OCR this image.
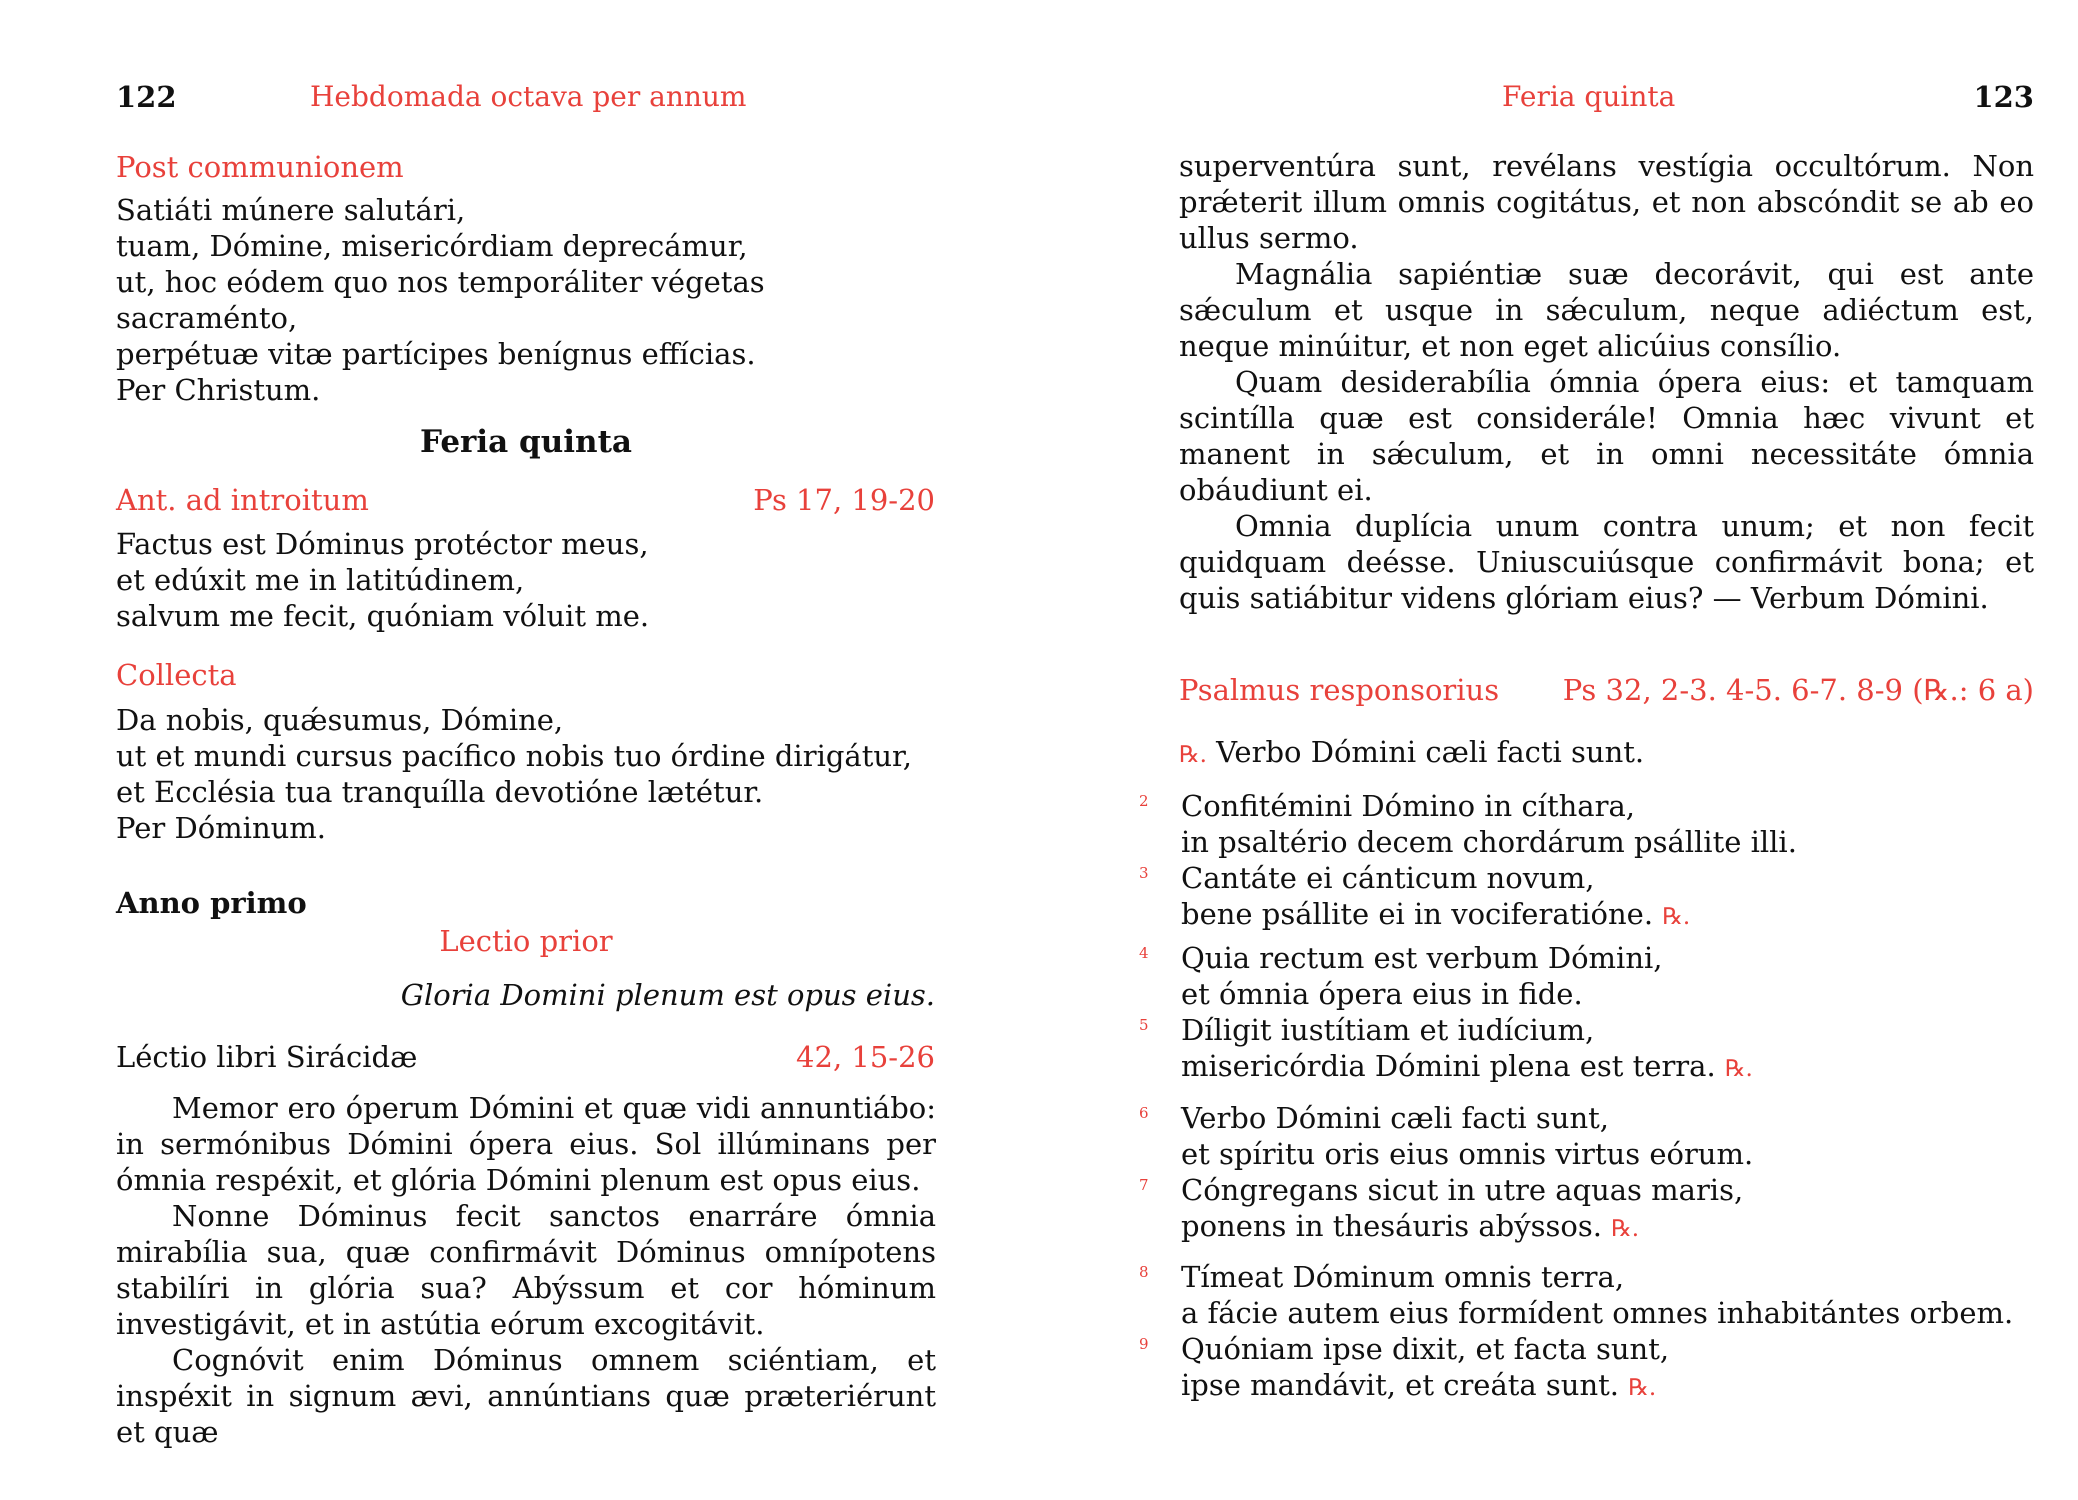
122	Hebdomada octava per annum
Post communionem

Satiáti múnere salutári,

tuam, Dómine, misericórdiam deprecámur,

ut, hoc eódem quo nos temporáliter végetas sacraménto,

perpétuæ vitæ partícipes benígnus effícias.

Per Christum.

Feria quinta
Ant. ad introitum	Ps 17, 19-20

Factus est Dóminus protéctor meus,

et edúxit me in latitúdinem,

salvum me fecit, quóniam vóluit me.

Collecta

Da nobis, quǽsumus, Dómine,

ut et mundi cursus pacífico nobis tuo órdine dirigátur,

et Ecclésia tua tranquílla devotióne lætétur.

Per Dóminum.

Anno primo
Lectio prior
Gloria Domini plenum est opus eius.
Léctio libri Sirácidæ	42, 15-26

Memor ero óperum Dómini et quæ vidi annuntiábo: in sermónibus Dómini ópera eius. Sol illúminans per ómnia respéxit, et glória Dómini plenum est opus eius.

Nonne Dóminus fecit sanctos enarráre ómnia mirabília sua, quæ confirmávit Dóminus omnípotens stabilíri in glória sua? Abýssum et cor hóminum investigávit, et in astútia eórum excogitávit.

Cognóvit enim Dóminus omnem sciéntiam, et inspéxit in signum ævi, annúntians quæ præteriérunt et quæ

Feria quinta	123

superventúra sunt, revélans vestígia occultórum. Non prǽterit illum omnis cogitátus, et non abscóndit se ab eo ullus sermo.

Magnália sapiéntiæ suæ decorávit, qui est ante sǽculum et usque in sǽculum, neque adiéctum est, neque minúitur, et non eget alicúius consílio.

Quam desiderabília ómnia ópera eius: et tamquam scintílla quæ est considerále! Omnia hæc vivunt et manent in sǽculum, et in omni necessitáte ómnia obáudiunt ei.

Omnia duplícia unum contra unum; et non fecit quidquam deésse. Uniuscuiúsque confirmávit bona; et quis satiábitur videns glóriam eius? — Verbum Dómini.

Psalmus responsorius Ps 32, 2-3. 4-5. 6-7. 8-9 (℞.: 6 a)
℞. Verbo Dómini cæli facti sunt.
2 Confitémini Dómino in cíthara,

in psaltério decem chordárum psállite illi.

3 Cantáte ei cánticum novum,

bene psállite ei in vociferatióne. ℞.

4 Quia rectum est verbum Dómini,

et ómnia ópera eius in fide.

5 Díligit iustítiam et iudícium,

misericórdia Dómini plena est terra. ℞.

6 Verbo Dómini cæli facti sunt,

et spíritu oris eius omnis virtus eórum.

7 Cóngregans sicut in utre aquas maris,

ponens in thesáuris abýssos. ℞.

8 Tímeat Dóminum omnis terra,

a fácie autem eius formídent omnes inhabitántes orbem.

9 Quóniam ipse dixit, et facta sunt,

ipse mandávit, et creáta sunt. ℞.
